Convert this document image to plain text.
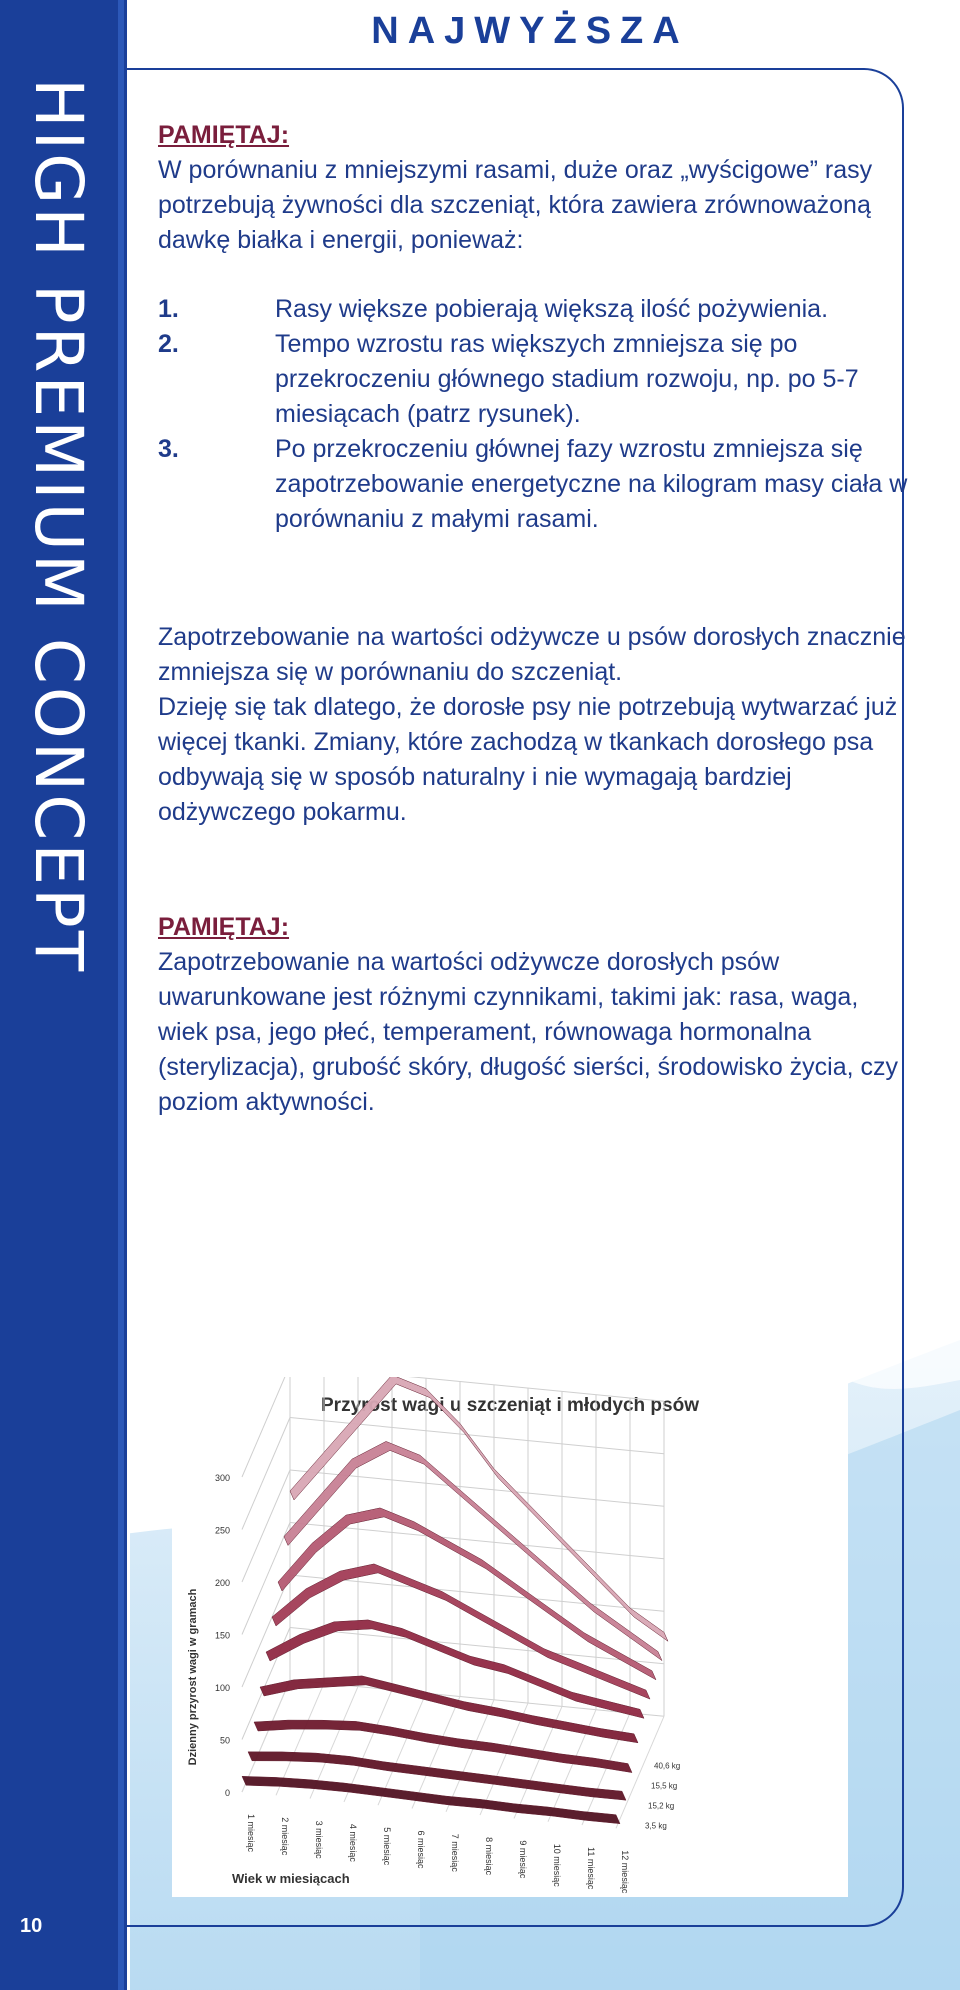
HIGH PREMIUM CONCEPT
10
NAJWYŻSZA

PAMIĘTAJ:

W porównaniu z mniejszymi rasami, duże oraz „wyścigowe” rasy potrzebują żywności dla szczeniąt, która zawiera zrównoważoną dawkę białka i energii, ponieważ:

1.	Rasy większe pobierają większą ilość pożywienia.
2.	Tempo wzrostu ras większych zmniejsza się po przekroczeniu głównego stadium rozwoju, np. po 5-7 miesiącach (patrz rysunek).
3.	Po przekroczeniu głównej fazy wzrostu zmniejsza się zapotrzebowanie energetyczne na kilogram masy ciała w porównaniu z małymi rasami.

Zapotrzebowanie na wartości odżywcze u psów dorosłych znacznie zmniejsza się w porównaniu do szczeniąt.

Dzieję się tak dlatego, że dorosłe psy nie potrzebują wytwarzać już więcej tkanki. Zmiany, które zachodzą w tkankach dorosłego psa odbywają się w sposób naturalny i nie wymagają bardziej odżywczego pokarmu.

PAMIĘTAJ:

Zapotrzebowanie na wartości odżywcze dorosłych psów uwarunkowane jest różnymi czynnikami, takimi jak: rasa, waga, wiek psa, jego płeć, temperament, równowaga hormonalna (sterylizacja), grubość skóry, długość sierści, środowisko życia, czy poziom aktywności.

Przyrost wagi u szczeniąt i młodych psów
0
50
100
150
200
250
300
1 miesiąc	2 miesiąc	3 miesiąc	4 miesiąc	5 miesiąc	6 miesiąc	7 miesiąc	8 miesiąc	9 miesiąc	10 miesiąc	11 miesiąc	12 miesiąc
40,6 kg
15,5 kg
15,2 kg
3,5 kg
Dzienny przyrost wagi w gramach
Wiek w miesiącach
